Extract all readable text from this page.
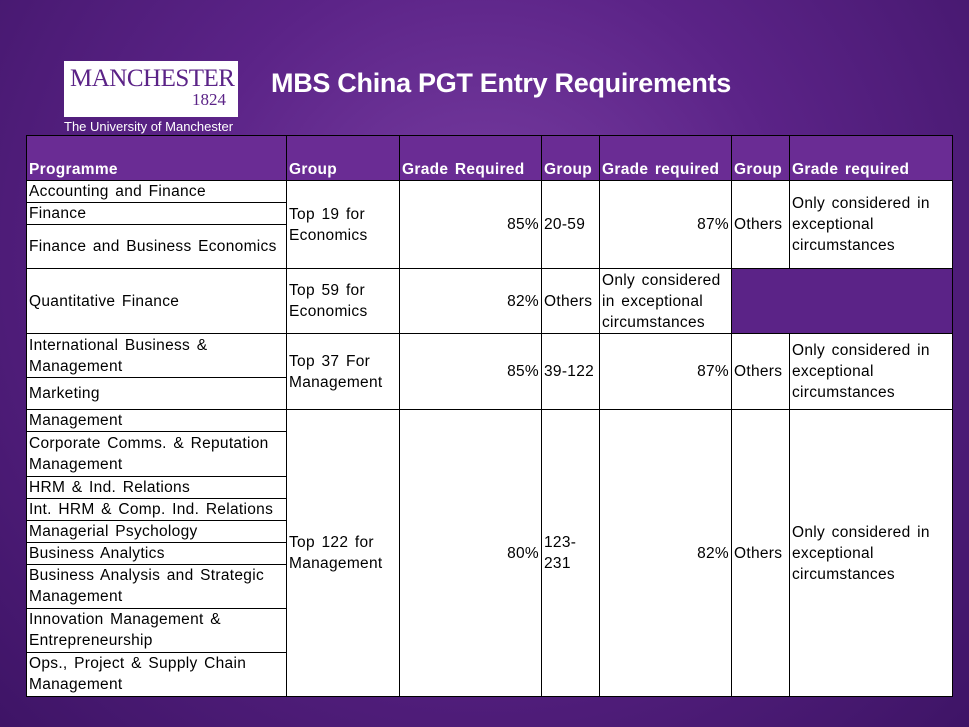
MANCHESTER
1824
The University of Manchester
MBS China PGT Entry Requirements
Programme	Group	Grade Required	Group	Grade required	Group	Grade required
Accounting and Finance	Top 19 for Economics	85%	20-59	87%	Others	Only considered in exceptional circumstances
Finance						
Finance and Business Economics						
Quantitative Finance	Top 59 for Economics	82%	Others	Only considered in exceptional circumstances		
International Business & Management	Top 37 For Management	85%	39-122	87%	Others	Only considered in exceptional circumstances
Marketing						
Management	Top 122 for Management	80%	123-231	82%	Others	Only considered in exceptional circumstances
Corporate Comms. & Reputation Management						
HRM & Ind. Relations						
Int. HRM & Comp. Ind. Relations						
Managerial Psychology						
Business Analytics						
Business Analysis and Strategic Management						
Innovation Management & Entrepreneurship						
Ops., Project & Supply Chain Management						
